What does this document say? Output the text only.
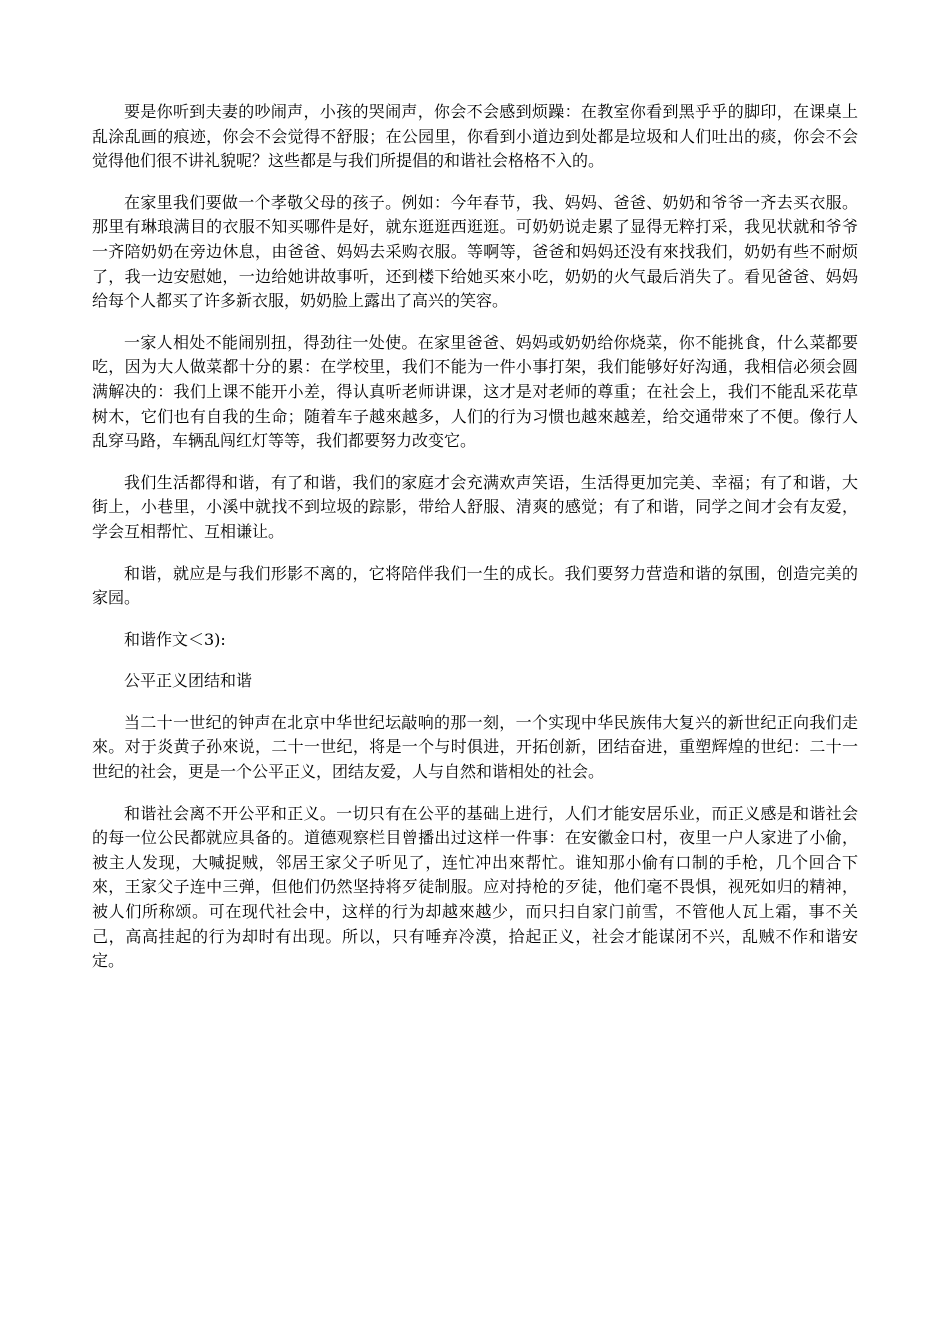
要是你听到夫妻的吵闹声，小孩的哭闹声，你会不会感到烦躁：在教室你看到黑乎乎的脚印，在课桌上乱涂乱画的痕迹，你会不会觉得不舒服；在公园里，你看到小道边到处都是垃圾和人们吐出的痰，你会不会觉得他们很不讲礼貌呢？这些都是与我们所提倡的和谐社会格格不入的。

在家里我们要做一个孝敬父母的孩子。例如：今年春节，我、妈妈、爸爸、奶奶和爷爷一齐去买衣服。那里有琳琅满目的衣服不知买哪件是好，就东逛逛西逛逛。可奶奶说走累了显得无粹打采，我见状就和爷爷一齐陪奶奶在旁边休息，由爸爸、妈妈去采购衣服。等啊等，爸爸和妈妈还没有來找我们，奶奶有些不耐烦了，我一边安慰她，一边给她讲故事听，还到楼下给她买來小吃，奶奶的火气最后消失了。看见爸爸、妈妈给每个人都买了许多新衣服，奶奶脸上露出了高兴的笑容。

一家人相处不能闹别扭，得劲往一处使。在家里爸爸、妈妈或奶奶给你烧菜，你不能挑食，什么菜都要吃，因为大人做菜都十分的累：在学校里，我们不能为一件小事打架，我们能够好好沟通，我相信必须会圆满解决的：我们上课不能开小差，得认真听老师讲课，这才是对老师的尊重；在社会上，我们不能乱采花草树木，它们也有自我的生命；随着车子越來越多，人们的行为习惯也越來越差，给交通带來了不便。像行人乱穿马路，车辆乱闯红灯等等，我们都要努力改变它。

我们生活都得和谐，有了和谐，我们的家庭才会充满欢声笑语，生活得更加完美、幸福；有了和谐，大街上，小巷里，小溪中就找不到垃圾的踪影，带给人舒服、清爽的感觉；有了和谐，同学之间才会有友爱，学会互相帮忙、互相谦让。

和谐，就应是与我们形影不离的，它将陪伴我们一生的成长。我们要努力营造和谐的氛围，创造完美的家园。

和谐作文＜3):

公平正义团结和谐

当二十一世纪的钟声在北京中华世纪坛敲响的那一刻，一个实现中华民族伟大复兴的新世纪正向我们走來。对于炎黄子孙來说，二十一世纪，将是一个与时俱进，开拓创新，团结奋进，重塑辉煌的世纪：二十一世纪的社会，更是一个公平正义，团结友爱，人与自然和谐相处的社会。

和谐社会离不开公平和正义。一切只有在公平的基础上进行，人们才能安居乐业，而正义感是和谐社会的每一位公民都就应具备的。道德观察栏目曾播出过这样一件事：在安徽金口村，夜里一户人家进了小偷，被主人发现，大喊捉贼，邻居王家父子听见了，连忙冲出來帮忙。谁知那小偷有口制的手枪，几个回合下來，王家父子连中三弹，但他们仍然坚持将歹徒制服。应对持枪的歹徒，他们毫不畏惧，视死如归的精神，被人们所称颂。可在现代社会中，这样的行为却越來越少，而只扫自家门前雪，不管他人瓦上霜，事不关己，高高挂起的行为却时有出现。所以，只有唾弃冷漠，拾起正义，社会才能谋闭不兴，乱贼不作和谐安定。
